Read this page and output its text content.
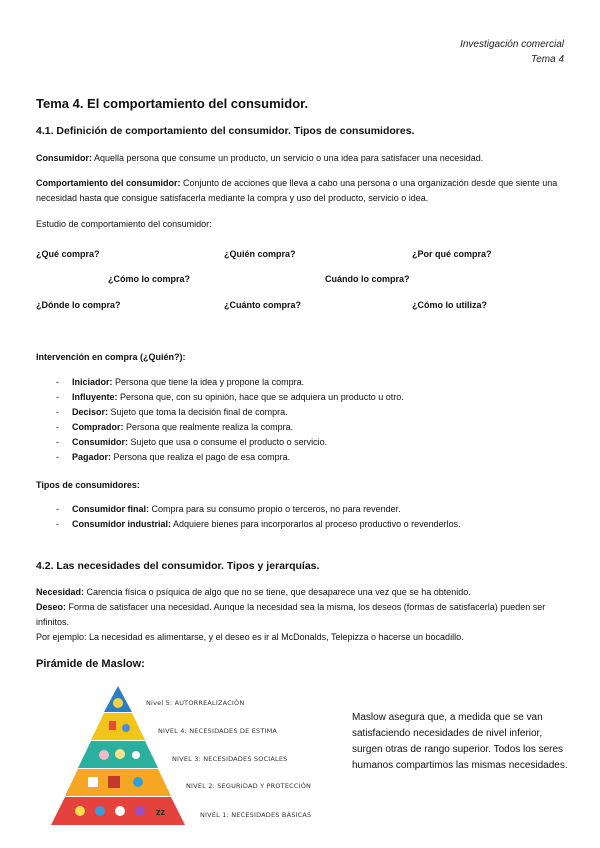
Investigación comercial
Tema 4
Tema 4. El comportamiento del consumidor.
4.1. Definición de comportamiento del consumidor. Tipos de consumidores.

Consumidor: Aquella persona que consume un producto, un servicio o una idea para satisfacer una necesidad.

Comportamiento del consumidor: Conjunto de acciones que lleva a cabo una persona o una organización desde que siente una necesidad hasta que consigue satisfacerla mediante la compra y uso del producto, servicio o idea.

Estudio de comportamiento del consumidor:

¿Qué compra?	¿Quién compra?	¿Por qué compra?
¿Cómo lo compra?	Cuándo lo compra?
¿Dónde lo compra?	¿Cuánto compra?	¿Cómo lo utiliza?

Intervención en compra (¿Quién?):

- Iniciador: Persona que tiene la idea y propone la compra.
- Influyente: Persona que, con su opinión, hace que se adquiera un producto u otro.
- Decisor: Sujeto que toma la decisión final de compra.
- Comprador: Persona que realmente realiza la compra.
- Consumidor: Sujeto que usa o consume el producto o servicio.
- Pagador: Persona que realiza el pago de esa compra.

Tipos de consumidores:

- Consumidor final: Compra para su consumo propio o terceros, no para revender.
- Consumidor industrial: Adquiere bienes para incorporarlos al proceso productivo o revenderlos.
4.2. Las necesidades del consumidor. Tipos y jerarquías.

Necesidad: Carencia física o psíquica de algo que no se tiene, que desaparece una vez que se ha obtenido.

Deseo: Forma de satisfacer una necesidad. Aunque la necesidad sea la misma, los deseos (formas de satisfacerla) pueden ser infinitos.

Por ejemplo: La necesidad es alimentarse, y el deseo es ir al McDonalds, Telepizza o hacerse un bocadillo.

Pirámide de Maslow:
zz
Nivel 5: AUTORREALIZACIÓN
NIVEL 4: NECESIDADES DE ESTIMA
NIVEL 3: NECESIDADES SOCIALES
NIVEL 2: SEGURIDAD Y PROTECCIÓN
NIVEL 1: NECESIDADES BÁSICAS

Maslow asegura que, a medida que se van satisfaciendo necesidades de nivel inferior, surgen otras de rango superior. Todos los seres humanos compartimos las mismas necesidades.
